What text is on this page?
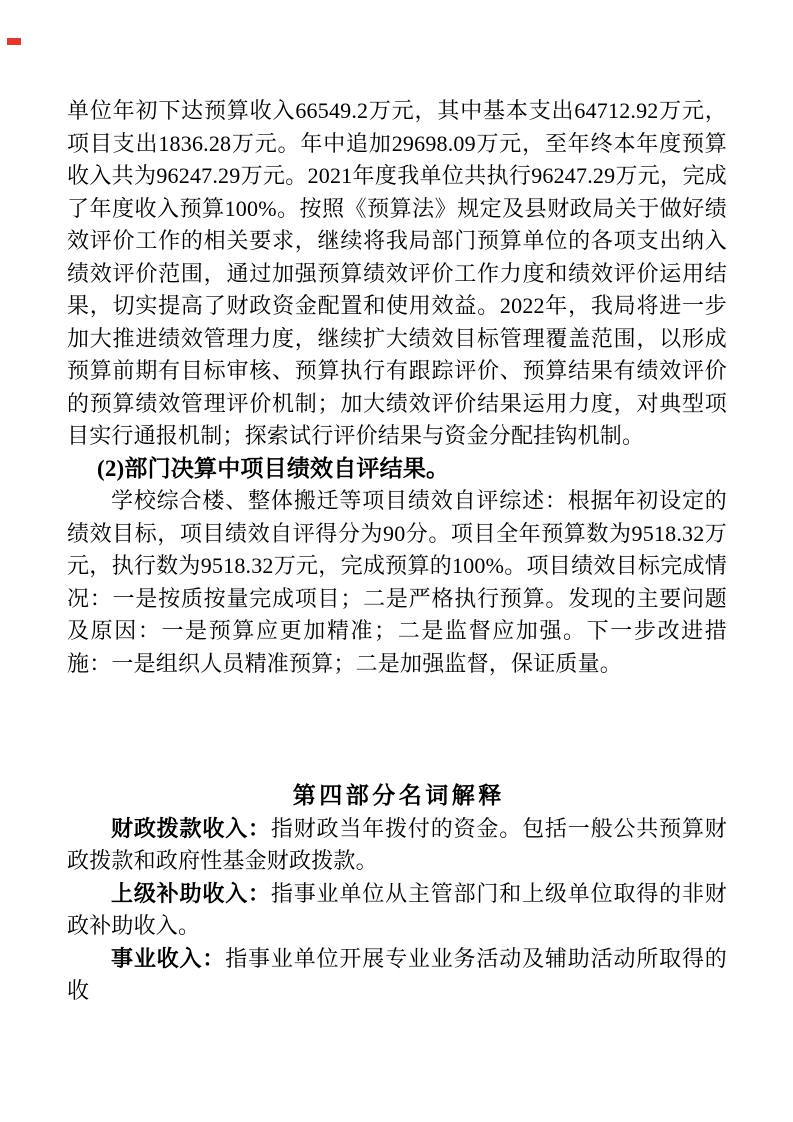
单位年初下达预算收入66549.2万元，其中基本支出64712.92万元，项目支出1836.28万元。年中追加29698.09万元，至年终本年度预算收入共为96247.29万元。2021年度我单位共执行96247.29万元，完成了年度收入预算100%。按照《预算法》规定及县财政局关于做好绩效评价工作的相关要求，继续将我局部门预算单位的各项支出纳入绩效评价范围，通过加强预算绩效评价工作力度和绩效评价运用结果，切实提高了财政资金配置和使用效益。2022年，我局将进一步加大推进绩效管理力度，继续扩大绩效目标管理覆盖范围，以形成预算前期有目标审核、预算执行有跟踪评价、预算结果有绩效评价的预算绩效管理评价机制；加大绩效评价结果运用力度，对典型项目实行通报机制；探索试行评价结果与资金分配挂钩机制。

(2)部门决算中项目绩效自评结果。

学校综合楼、整体搬迁等项目绩效自评综述：根据年初设定的绩效目标，项目绩效自评得分为90分。项目全年预算数为9518.32万元，执行数为9518.32万元，完成预算的100%。项目绩效目标完成情况：一是按质按量完成项目；二是严格执行预算。发现的主要问题及原因：一是预算应更加精准；二是监督应加强。下一步改进措施：一是组织人员精准预算；二是加强监督，保证质量。

第四部分名词解释

财政拨款收入：指财政当年拨付的资金。包括一般公共预算财政拨款和政府性基金财政拨款。

上级补助收入：指事业单位从主管部门和上级单位取得的非财政补助收入。

事业收入：指事业单位开展专业业务活动及辅助活动所取得的收
